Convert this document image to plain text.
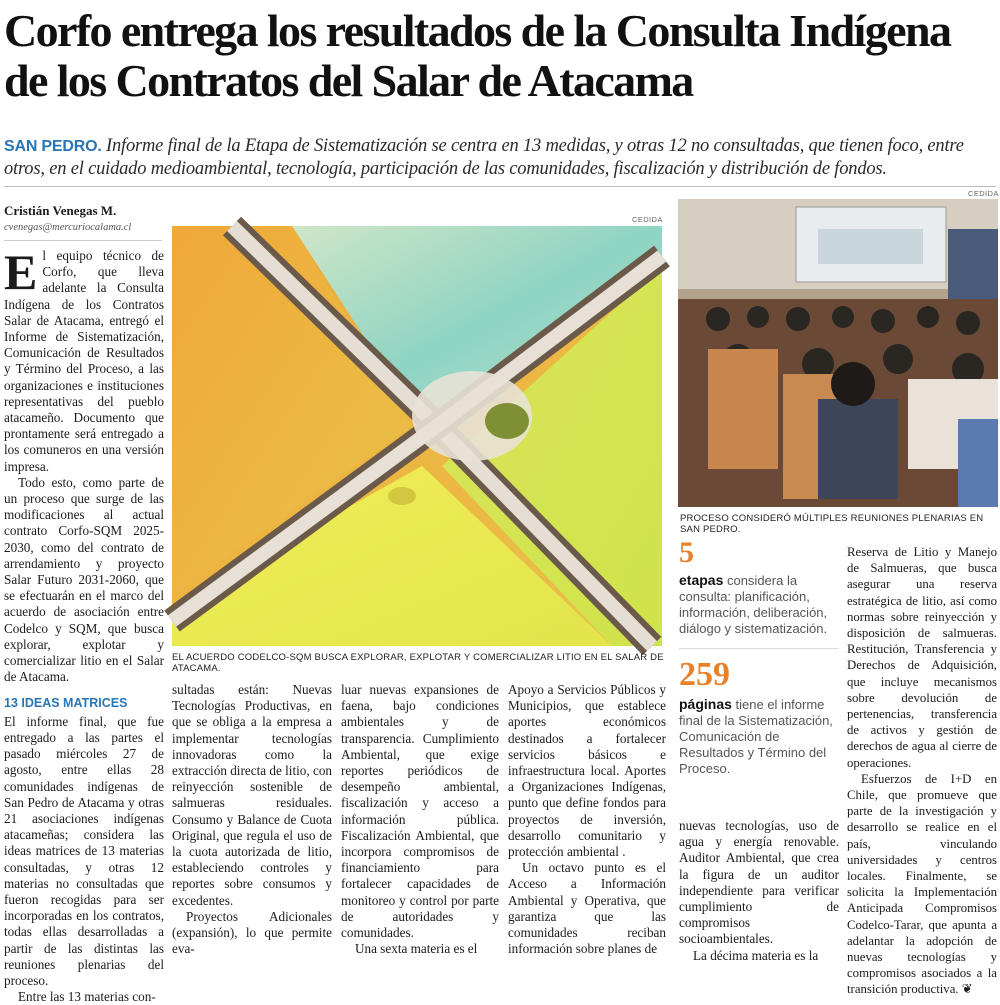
Corfo entrega los resultados de la Consulta Indígena de los Contratos del Salar de Atacama
SAN PEDRO. Informe final de la Etapa de Sistematización se centra en 13 medidas, y otras 12 no consultadas, que tienen foco, entre otros, en el cuidado medioambiental, tecnología, participación de las comunidades, fiscalización y distribución de fondos.
Cristián Venegas M.
cvenegas@mercuriocalama.cl

El equipo técnico de Corfo, que lleva adelante la Consulta Indígena de los Contratos Salar de Atacama, entregó el Informe de Sistematización, Comunicación de Resultados y Término del Proceso, a las organizaciones e instituciones representativas del pueblo atacameño. Documento que prontamente será entregado a los comuneros en una versión impresa.

Todo esto, como parte de un proceso que surge de las modificaciones al actual contrato Corfo-SQM 2025-2030, como del contrato de arrendamiento y proyecto Salar Futuro 2031-2060, que se efectuarán en el marco del acuerdo de asociación entre Codelco y SQM, que busca explorar, explotar y comercializar litio en el Salar de Atacama.

13 IDEAS MATRICES

El informe final, que fue entregado a las partes el pasado miércoles 27 de agosto, entre ellas 28 comunidades indígenas de San Pedro de Atacama y otras 21 asociaciones indígenas atacameñas; considera las ideas matrices de 13 materias consultadas, y otras 12 materias no consultadas que fueron recogidas para ser incorporadas en los contratos, todas ellas desarrolladas a partir de las distintas las reuniones plenarias del proceso.

Entre las 13 materias con-

CEDIDA
EL ACUERDO CODELCO-SQM BUSCA EXPLORAR, EXPLOTAR Y COMERCIALIZAR LITIO EN EL SALAR DE ATACAMA.
CEDIDA
PROCESO CONSIDERÓ MÚLTIPLES REUNIONES PLENARIAS EN SAN PEDRO.

sultadas están: Nuevas Tecnologías Productivas, en que se obliga a la empresa a implementar tecnologías innovadoras como la extracción directa de litio, con reinyección sostenible de salmueras residuales. Consumo y Balance de Cuota Original, que regula el uso de la cuota autorizada de litio, estableciendo controles y reportes sobre consumos y excedentes.

Proyectos Adicionales (expansión), lo que permite eva-

luar nuevas expansiones de faena, bajo condiciones ambientales y de transparencia. Cumplimiento Ambiental, que exige reportes periódicos de desempeño ambiental, fiscalización y acceso a información pública. Fiscalización Ambiental, que incorpora compromisos de financiamiento para fortalecer capacidades de monitoreo y control por parte de autoridades y comunidades.

Una sexta materia es el

Apoyo a Servicios Públicos y Municipios, que establece aportes económicos destinados a fortalecer servicios básicos e infraestructura local. Aportes a Organizaciones Indígenas, punto que define fondos para proyectos de inversión, desarrollo comunitario y protección ambiental .

Un octavo punto es el Acceso a Información Ambiental y Operativa, que garantiza que las comunidades reciban información sobre planes de

5
etapas considera la consulta: planificación, información, deliberación, diálogo y sistematización.
259
páginas tiene el informe final de la Sistematización, Comunicación de Resultados y Término del Proceso.

nuevas tecnologías, uso de agua y energía renovable. Auditor Ambiental, que crea la figura de un auditor independiente para verificar cumplimiento de compromisos socioambientales.

La décima materia es la

Reserva de Litio y Manejo de Salmueras, que busca asegurar una reserva estratégica de litio, así como normas sobre reinyección y disposición de salmueras. Restitución, Transferencia y Derechos de Adquisición, que incluye mecanismos sobre devolución de pertenencias, transferencia de activos y gestión de derechos de agua al cierre de operaciones.

Esfuerzos de I+D en Chile, que promueve que parte de la investigación y desarrollo se realice en el país, vinculando universidades y centros locales. Finalmente, se solicita la Implementación Anticipada Compromisos Codelco-Tarar, que apunta a adelantar la adopción de nuevas tecnologías y compromisos asociados a la transición productiva. ❦
